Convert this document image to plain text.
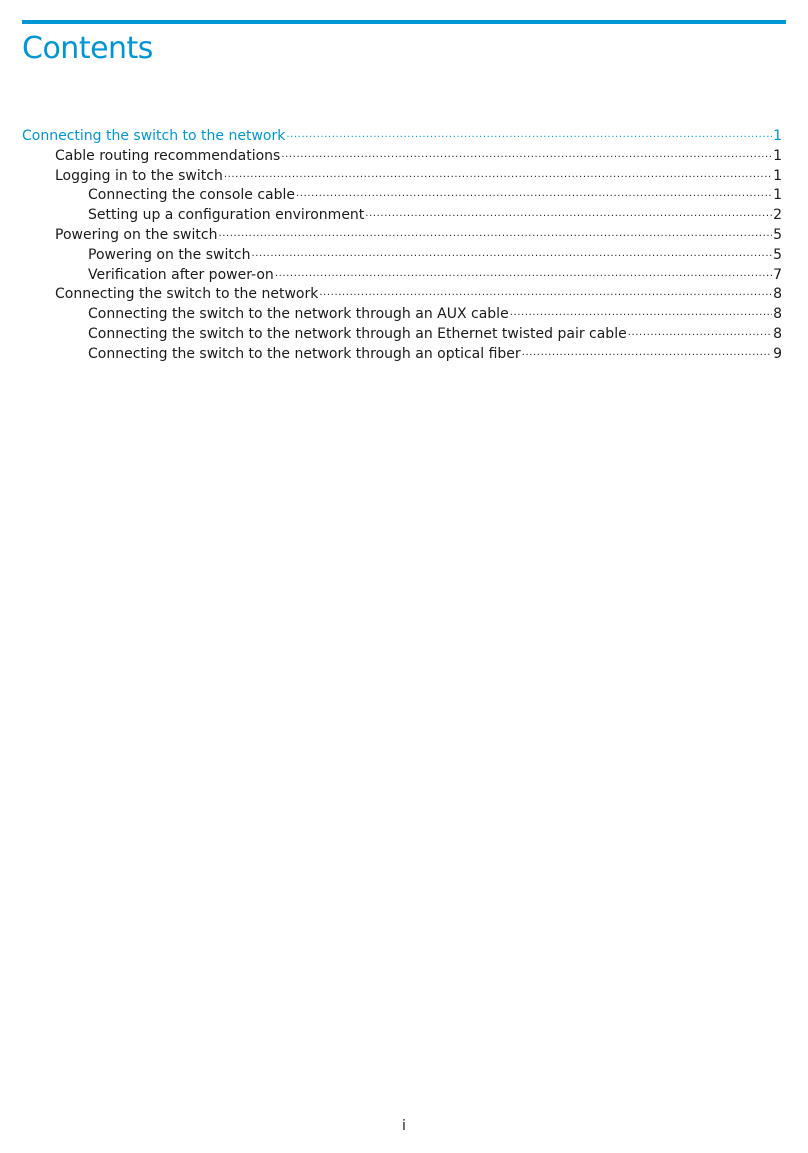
Contents
Connecting the switch to the network ·····	1
Cable routing recommendations ·····	1
Logging in to the switch ·····	1
Connecting the console cable ·····	1
Setting up a configuration environment ·····	2
Powering on the switch ·····	5
Powering on the switch ·····	5
Verification after power-on ·····	7
Connecting the switch to the network ·····	8
Connecting the switch to the network through an AUX cable ·····	8
Connecting the switch to the network through an Ethernet twisted pair cable ·····	8
Connecting the switch to the network through an optical fiber ·····	9
i
